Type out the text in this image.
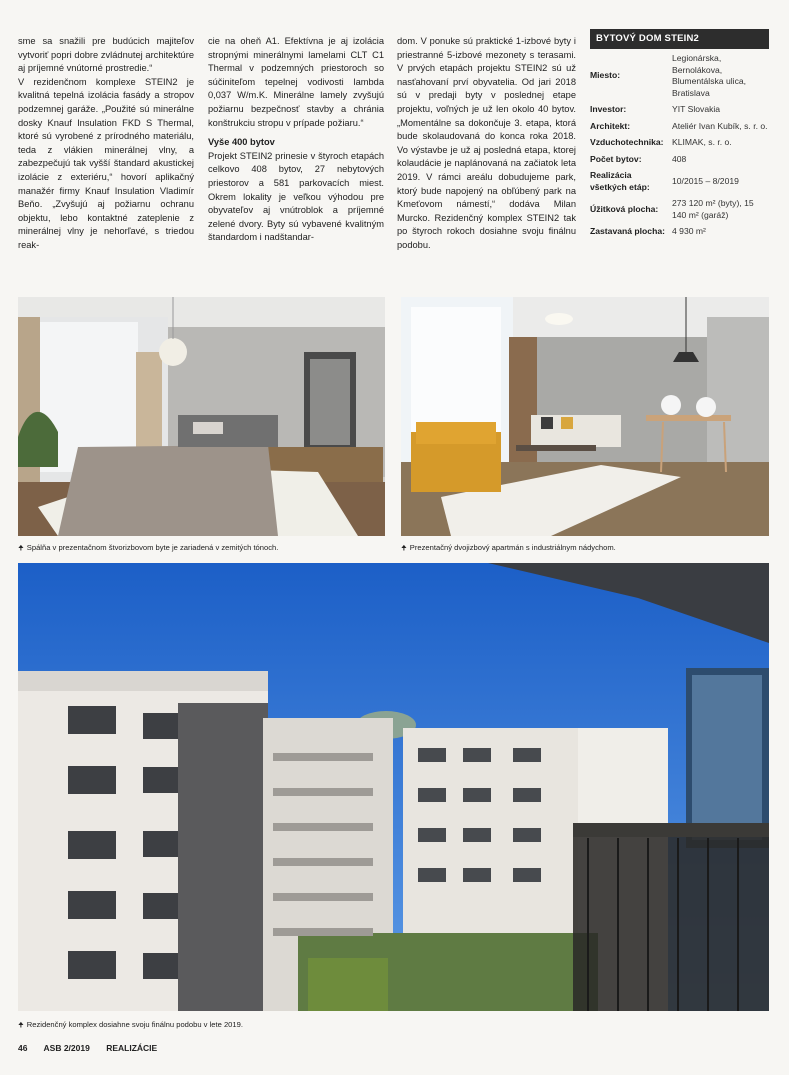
sme sa snažili pre budúcich majiteľov vytvoriť popri dobre zvládnutej architektúre aj príjemné vnútorné prostredie.“

V rezidenčnom komplexe STEIN2 je kvalitná tepelná izolácia fasády a stropov podzemnej garáže. „Použité sú minerálne dosky Knauf Insulation FKD S Thermal, ktoré sú vyrobené z prírodného materiálu, teda z vlákien minerálnej vlny, a zabezpečujú tak vyšší štandard akustickej izolácie z exteriéru,“ hovorí aplikačný manažér firmy Knauf Insulation Vladimír Beňo. „Zvyšujú aj požiarnu ochranu objektu, lebo kontaktné zateplenie z minerálnej vlny je nehorľavé, s triedou reak-

cie na oheň A1. Efektívna je aj izolácia stropnými minerálnymi lamelami CLT C1 Thermal v podzemných priestoroch so súčiniteľom tepelnej vodivosti lambda 0,037 W/m.K. Minerálne lamely zvyšujú požiarnu bezpečnosť stavby a chránia konštrukciu stropu v prípade požiaru.“

Vyše 400 bytov

Projekt STEIN2 prinesie v štyroch etapách celkovo 408 bytov, 27 nebytových priestorov a 581 parkovacích miest. Okrem lokality je veľkou výhodou pre obyvateľov aj vnútroblok a príjemné zelené dvory. Byty sú vybavené kvalitným štandardom i nadštandar-

dom. V ponuke sú praktické 1-izbové byty i priestranné 5-izbové mezonety s terasami. V prvých etapách projektu STEIN2 sú už nasťahovaní prví obyvatelia. Od jari 2018 sú v predaji byty v poslednej etape projektu, voľných je už len okolo 40 bytov. „Momentálne sa dokončuje 3. etapa, ktorá bude skolaudovaná do konca roka 2018. Vo výstavbe je už aj posledná etapa, ktorej kolaudácie je naplánovaná na začiatok leta 2019. V rámci areálu dobudujeme park, ktorý bude napojený na obľúbený park na Kmeťovom námestí,“ dodáva Milan Murcko. Rezidenčný komplex STEIN2 tak po štyroch rokoch dosiahne svoju finálnu podobu.

BYTOVÝ DOM STEIN2
Miesto:	Legionárska, Bernolákova, Blumentálska ulica, Bratislava
Investor:	YIT Slovakia
Architekt:	Ateliér Ivan Kubík, s. r. o.
Vzduchotechnika:	KLIMAK, s. r. o.
Počet bytov:	408
Realizácia všetkých etáp:	10/2015 – 8/2019
Úžitková plocha:	273 120 m² (byty), 15 140 m² (garáž)
Zastavaná plocha:	4 930 m²
🠉 Spálňa v prezentačnom štvorizbovom byte je zariadená v zemitých tónoch.	🠉 Prezentačný dvojizbový apartmán s industriálnym nádychom.
🠉 Rezidenčný komplex dosiahne svoju finálnu podobu v lete 2019.
46 ASB 2/2019 REALIZÁCIE
